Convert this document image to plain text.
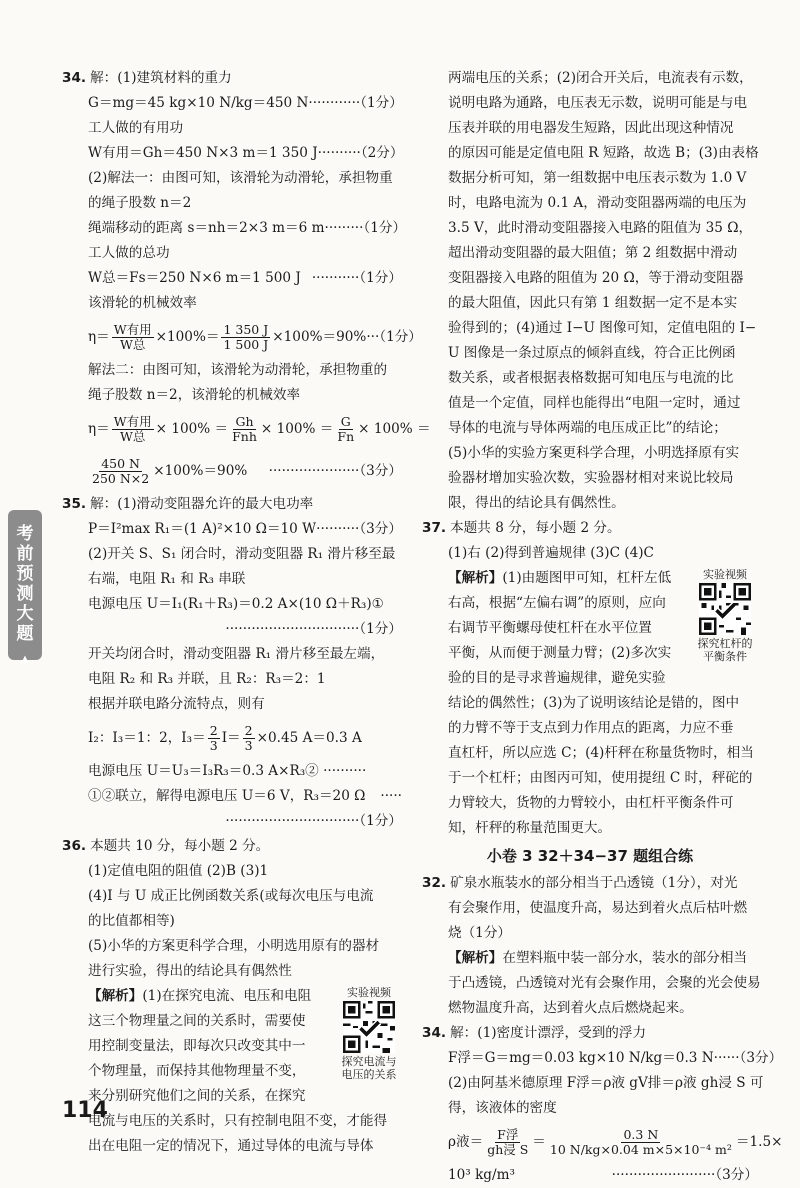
考
前
预
测
大
题
▲
34. 解：(1)建筑材料的重力
G＝mg＝45 kg×10 N/kg＝450 N ············（1分）
工人做的有用功
W有用＝Gh＝450 N×3 m＝1 350 J ··········（2分）
(2)解法一：由图可知，该滑轮为动滑轮，承担物重
的绳子股数 n＝2
绳端移动的距离 s＝nh＝2×3 m＝6 m ·········（1分）
工人做的总功
W总＝Fs＝250 N×6 m＝1 500 J ···········（1分）
该滑轮的机械效率
$\eta= \frac{\text{W有用}}{\text{W总}} \times 100\%= \frac{1 350 J}{1 500 J} \times 100\%=90\% \cdot\cdot\cdot(1$分）
解法二：由图可知，该滑轮为动滑轮，承担物重的
绳子股数 n＝2，该滑轮的机械效率
$\eta= \frac{\text{W有用}}{\text{W总}} \times 100\% = \frac{Gh}{\text{Fnh}} \times 100\% = \frac{G}{Fn} \times 100\%$ ＝
$\frac{450 N}{250 N\times 2} \times 100\%=90\% \cdot\cdot\cdot\cdot\cdot\cdot\cdot\cdot\cdot\cdot\cdot\cdot\cdot\cdot\cdot\cdot\cdot\cdot\cdot\cdot\cdot(3$分）
35. 解：(1)滑动变阻器允许的最大电功率
P＝I²max R₁＝(1 A)²×10 Ω＝10 W ··········（3分）
(2)开关 S、S₁ 闭合时，滑动变阻器 R₁ 滑片移至最
右端，电阻 R₁ 和 R₃ 串联
电源电压 U＝I₁(R₁＋R₃)＝0.2 A×(10 Ω＋R₃)①
·······························（1分）
开关均闭合时，滑动变阻器 R₁ 滑片移至最左端，
电阻 R₂ 和 R₃ 并联，且 R₂：R₃＝2：1
根据并联电路分流特点，则有
I₂：I₃＝1：2，$I_3= \frac{2}{3} I= \frac{2}{3} \times 0.45$ A＝0.3 A
电源电压 U＝U₃＝I₃R₃＝0.3 A×R₃② ··········
①②联立，解得电源电压 U＝6 V，R₃＝20 Ω ·····
·······························（1分）
36. 本题共 10 分，每小题 2 分。
(1)定值电阻的阻值 (2)B (3)1
(4)I 与 U 成正比例函数关系(或每次电压与电流
的比值都相等)
(5)小华的方案更科学合理，小明选用原有的器材
进行实验，得出的结论具有偶然性
【解析】(1)在探究电流、电压和电阻
这三个物理量之间的关系时，需要使
用控制变量法，即每次只改变其中一
个物理量，而保持其他物理量不变，
来分别研究他们之间的关系，在探究
实验视频
探究电流与
电压的关系
电流与电压的关系时，只有控制电阻不变，才能得
出在电阻一定的情况下，通过导体的电流与导体
两端电压的关系；(2)闭合开关后，电流表有示数，
说明电路为通路，电压表无示数，说明可能是与电
压表并联的用电器发生短路，因此出现这种情况
的原因可能是定值电阻 R 短路，故选 B；(3)由表格
数据分析可知，第一组数据中电压表示数为 1.0 V
时，电路电流为 0.1 A，滑动变阻器两端的电压为
3.5 V，此时滑动变阻器接入电路的阻值为 35 Ω，
超出滑动变阻器的最大阻值；第 2 组数据中滑动
变阻器接入电路的阻值为 20 Ω，等于滑动变阻器
的最大阻值，因此只有第 1 组数据一定不是本实
验得到的；(4)通过 I−U 图像可知，定值电阻的 I−
U 图像是一条过原点的倾斜直线，符合正比例函
数关系，或者根据表格数据可知电压与电流的比
值是一个定值，同样也能得出“电阻一定时，通过
导体的电流与导体两端的电压成正比”的结论；
(5)小华的实验方案更科学合理，小明选择原有实
验器材增加实验次数，实验器材相对来说比较局
限，得出的结论具有偶然性。
37. 本题共 8 分，每小题 2 分。
(1)右 (2)得到普遍规律 (3)C (4)C
【解析】(1)由题图甲可知，杠杆左低
右高，根据“左偏右调”的原则，应向
右调节平衡螺母使杠杆在水平位置
平衡，从而便于测量力臂；(2)多次实
验的目的是寻求普遍规律，避免实验
实验视频
探究杠杆的
平衡条件
结论的偶然性；(3)为了说明该结论是错的，图中
的力臂不等于支点到力作用点的距离，力应不垂
直杠杆，所以应选 C；(4)杆秤在称量货物时，相当
于一个杠杆；由图丙可知，使用提纽 C 时，秤砣的
力臂较大，货物的力臂较小，由杠杆平衡条件可
知，杆秤的称量范围更大。
小卷 3 32＋34−37 题组合练
32. 矿泉水瓶装水的部分相当于凸透镜（1分），对光
有会聚作用，使温度升高，易达到着火点后枯叶燃
烧（1分）
【解析】在塑料瓶中装一部分水，装水的部分相当
于凸透镜，凸透镜对光有会聚作用，会聚的光会使易
燃物温度升高，达到着火点后燃烧起来。
34. 解：(1)密度计漂浮，受到的浮力
F浮＝G＝mg＝0.03 kg×10 N/kg＝0.3 N ······（3分）
(2)由阿基米德原理 F浮＝ρ液 gV排＝ρ液 gh浸 S 可
得，该液体的密度
ρ液＝ $\frac{\text{F浮}}{\text{gh浸 S}} = \frac{0.3 N}{\text{10 N/kg×0.04 m×5×10⁻⁴ m²}} =1.5\times$
10³ kg/m³	························（3分）
114
